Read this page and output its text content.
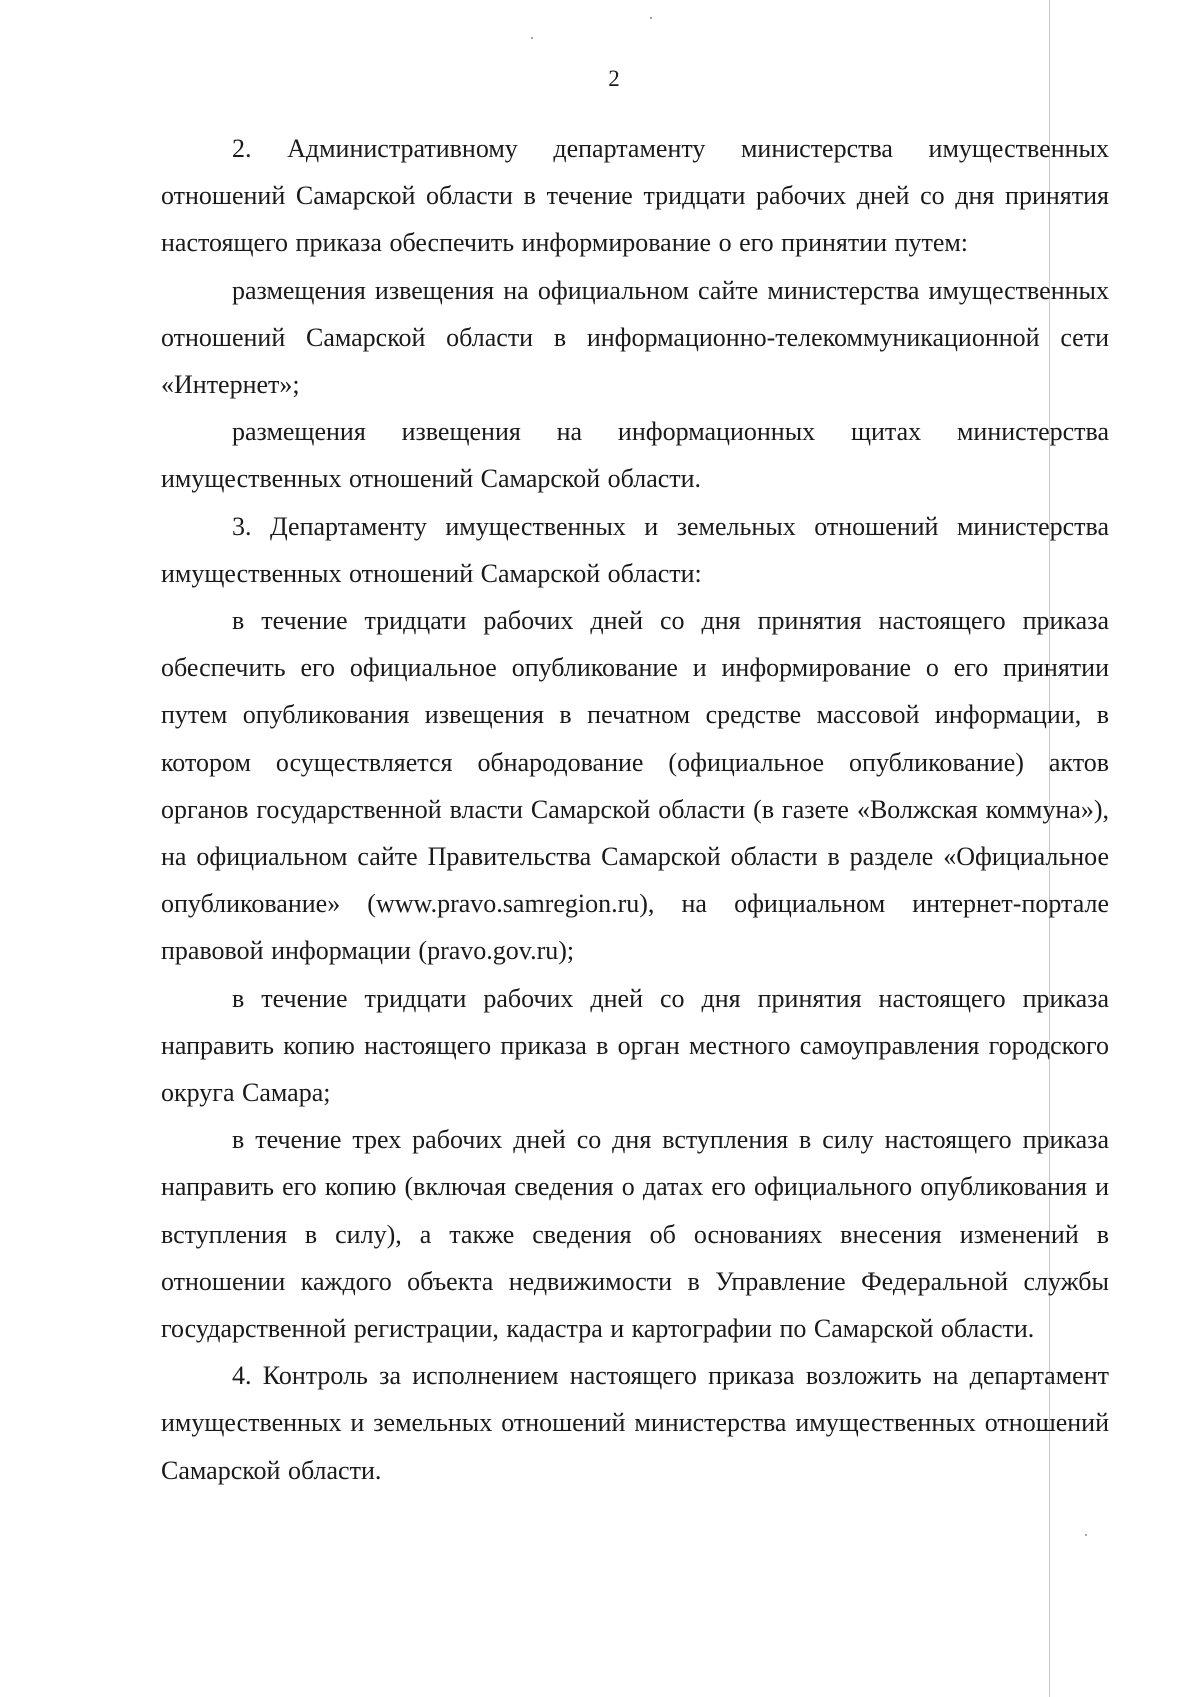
2

2. Административному департаменту министерства имущественных отношений Самарской области в течение тридцати рабочих дней со дня принятия настоящего приказа обеспечить информирование о его принятии путем:

размещения извещения на официальном сайте министерства имущественных отношений Самарской области в информационно-телекоммуникационной сети «Интернет»;

размещения извещения на информационных щитах министерства имущественных отношений Самарской области.

3. Департаменту имущественных и земельных отношений министерства имущественных отношений Самарской области:

в течение тридцати рабочих дней со дня принятия настоящего приказа обеспечить его официальное опубликование и информирование о его принятии путем опубликования извещения в печатном средстве массовой информации, в котором осуществляется обнародование (официальное опубликование) актов органов государственной власти Самарской области (в газете «Волжская коммуна»), на официальном сайте Правительства Самарской области в разделе «Официальное опубликование» (www.pravo.samregion.ru), на официальном интернет-портале правовой информации (pravo.gov.ru);

в течение тридцати рабочих дней со дня принятия настоящего приказа направить копию настоящего приказа в орган местного самоуправления городского округа Самара;

в течение трех рабочих дней со дня вступления в силу настоящего приказа направить его копию (включая сведения о датах его официального опубликования и вступления в силу), а также сведения об основаниях внесения изменений в отношении каждого объекта недвижимости в Управление Федеральной службы государственной регистрации, кадастра и картографии по Самарской области.

4. Контроль за исполнением настоящего приказа возложить на департамент имущественных и земельных отношений министерства имущественных отношений Самарской области.
